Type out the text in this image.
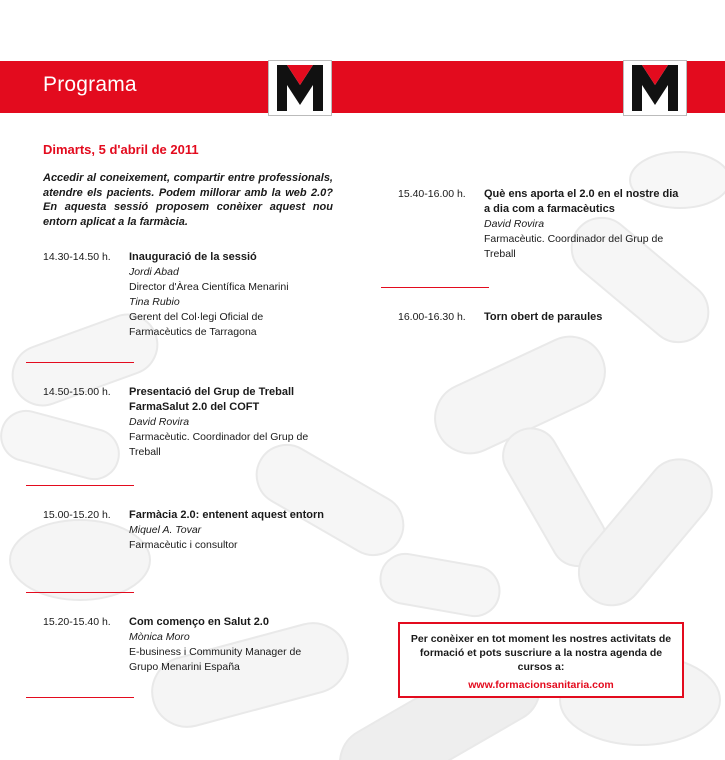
Programa
Dimarts, 5 d'abril de 2011
Accedir al coneixement, compartir entre professionals, atendre els pacients. Podem millorar amb la web 2.0? En aquesta sessió proposem conèixer aquest nou entorn aplicat a la farmàcia.
14.30-14.50 h. Inauguració de la sessió
Jordi Abad
Director d'Àrea Científica Menarini
Tina Rubio
Gerent del Col·legi Oficial de Farmacèutics de Tarragona
14.50-15.00 h. Presentació del Grup de Treball FarmaSalut 2.0 del COFT
David Rovira
Farmacèutic. Coordinador del Grup de Treball
15.00-15.20 h. Farmàcia 2.0: entenent aquest entorn
Miquel A. Tovar
Farmacèutic i consultor
15.20-15.40 h. Com començo en Salut 2.0
Mònica Moro
E-business i Community Manager de Grupo Menarini España
15.40-16.00 h. Què ens aporta el 2.0 en el nostre dia a dia com a farmacèutics
David Rovira
Farmacèutic. Coordinador del Grup de Treball
16.00-16.30 h. Torn obert de paraules
Per conèixer en tot moment les nostres activitats de formació et pots suscriure a la nostra agenda de cursos a:
www.formacionsanitaria.com
